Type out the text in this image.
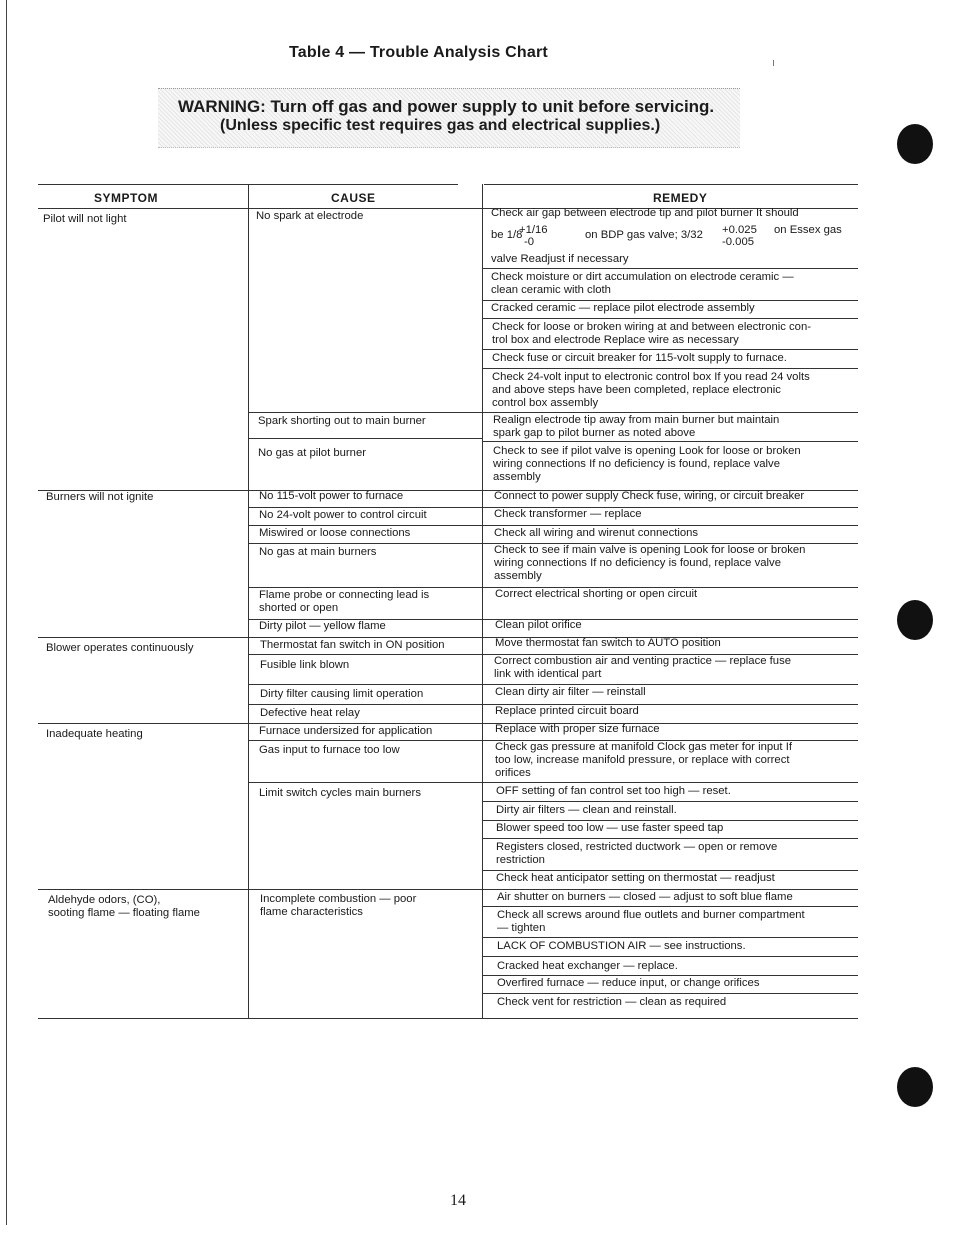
Table 4 — Trouble Analysis Chart
WARNING: Turn off gas and power supply to unit before servicing.
(Unless specific test requires gas and electrical supplies.)
SYMPTOM	CAUSE	REMEDY
Pilot will not light
Burners will not ignite
Blower operates continuously
Inadequate heating
Aldehyde odors, (CO),
sooting flame — floating flame
No spark at electrode
Spark shorting out to main burner
No gas at pilot burner
No 115-volt power to furnace
No 24-volt power to control circuit
Miswired or loose connections
No gas at main burners
Flame probe or connecting lead is
shorted or open
Dirty pilot — yellow flame
Thermostat fan switch in ON position
Fusible link blown
Dirty filter causing limit operation
Defective heat relay
Furnace undersized for application
Gas input to furnace too low
Limit switch cycles main burners
Incomplete combustion — poor
flame characteristics
Check air gap between electrode tip and pilot burner It should
be 1/8
+1/16
-0
on BDP gas valve; 3/32 +0.025
-0.005
on Essex gas
valve Readjust if necessary
Check moisture or dirt accumulation on electrode ceramic —
clean ceramic with cloth
Cracked ceramic — replace pilot electrode assembly
Check for loose or broken wiring at and between electronic con-
trol box and electrode Replace wire as necessary
Check fuse or circuit breaker for 115-volt supply to furnace.
Check 24-volt input to electronic control box If you read 24 volts
and above steps have been completed, replace electronic
control box assembly
Realign electrode tip away from main burner but maintain
spark gap to pilot burner as noted above
Check to see if pilot valve is opening Look for loose or broken
wiring connections If no deficiency is found, replace valve
assembly
Connect to power supply Check fuse, wiring, or circuit breaker
Check transformer — replace
Check all wiring and wirenut connections
Check to see if main valve is opening Look for loose or broken
wiring connections If no deficiency is found, replace valve
assembly
Correct electrical shorting or open circuit
Clean pilot orifice
Move thermostat fan switch to AUTO position
Correct combustion air and venting practice — replace fuse
link with identical part
Clean dirty air filter — reinstall
Replace printed circuit board
Replace with proper size furnace
Check gas pressure at manifold Clock gas meter for input If
too low, increase manifold pressure, or replace with correct
orifices
OFF setting of fan control set too high — reset.
Dirty air filters — clean and reinstall.
Blower speed too low — use faster speed tap
Registers closed, restricted ductwork — open or remove
restriction
Check heat anticipator setting on thermostat — readjust
Air shutter on burners — closed — adjust to soft blue flame
Check all screws around flue outlets and burner compartment
— tighten
LACK OF COMBUSTION AIR — see instructions.
Cracked heat exchanger — replace.
Overfired furnace — reduce input, or change orifices
Check vent for restriction — clean as required
14
